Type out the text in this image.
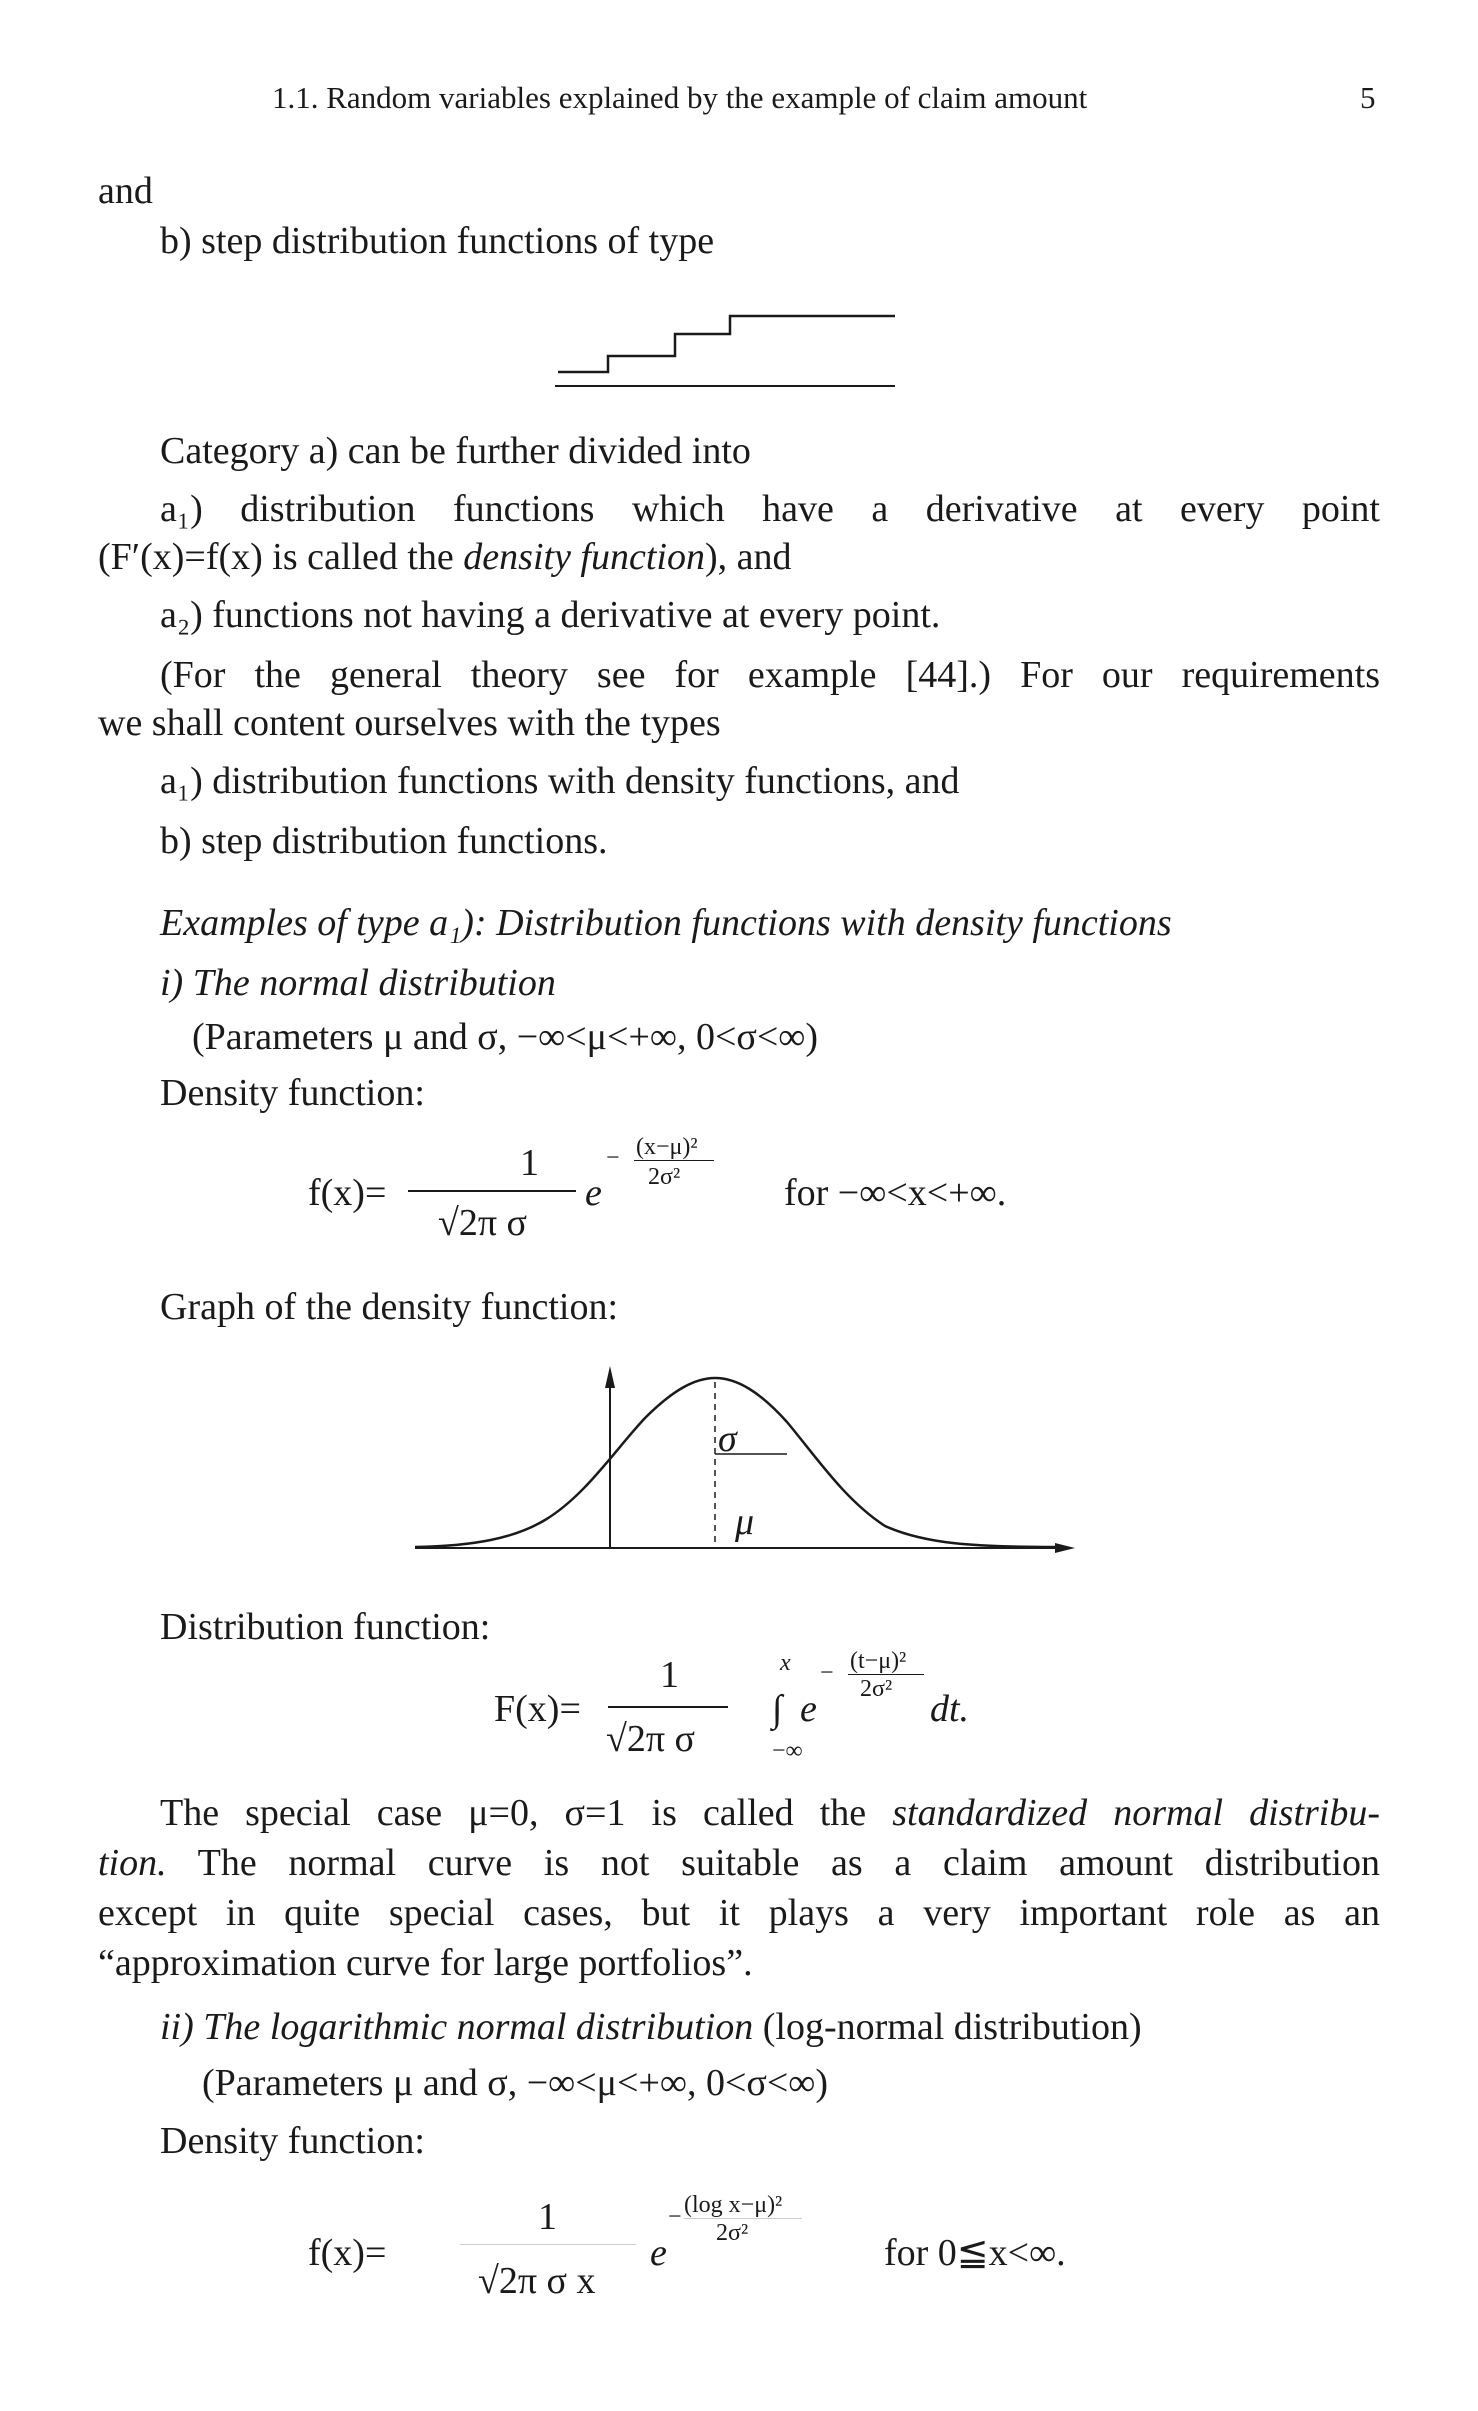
1.1. Random variables explained by the example of claim amount	5
and
b) step distribution functions of type
Category a) can be further divided into
a₁) distribution functions which have a derivative at every point
(F′(x)=f(x) is called the density function), and
a₂) functions not having a derivative at every point.
(For the general theory see for example [44].) For our requirements
we shall content ourselves with the types
a₁) distribution functions with density functions, and
b) step distribution functions.
Examples of type a₁): Distribution functions with density functions
i) The normal distribution
(Parameters μ and σ, −∞<μ<+∞, 0<σ<∞)
Density function:
f(x)=
1
√2π σ
e
− (x−μ)²
2σ²	for −∞<x<+∞.
Graph of the density function:
σ
μ
Distribution function:
F(x)=
1
√2π σ
x
∫
−∞
e
− (t−μ)²
2σ² dt.
The special case μ=0, σ=1 is called the standardized normal distribu-
tion. The normal curve is not suitable as a claim amount distribution
except in quite special cases, but it plays a very important role as an
“approximation curve for large portfolios”.
ii) The logarithmic normal distribution (log-normal distribution)
(Parameters μ and σ, −∞<μ<+∞, 0<σ<∞)
Density function:
f(x)=
1
√2π σ x
e
− (log x−μ)²
2σ²	for 0≦x<∞.
